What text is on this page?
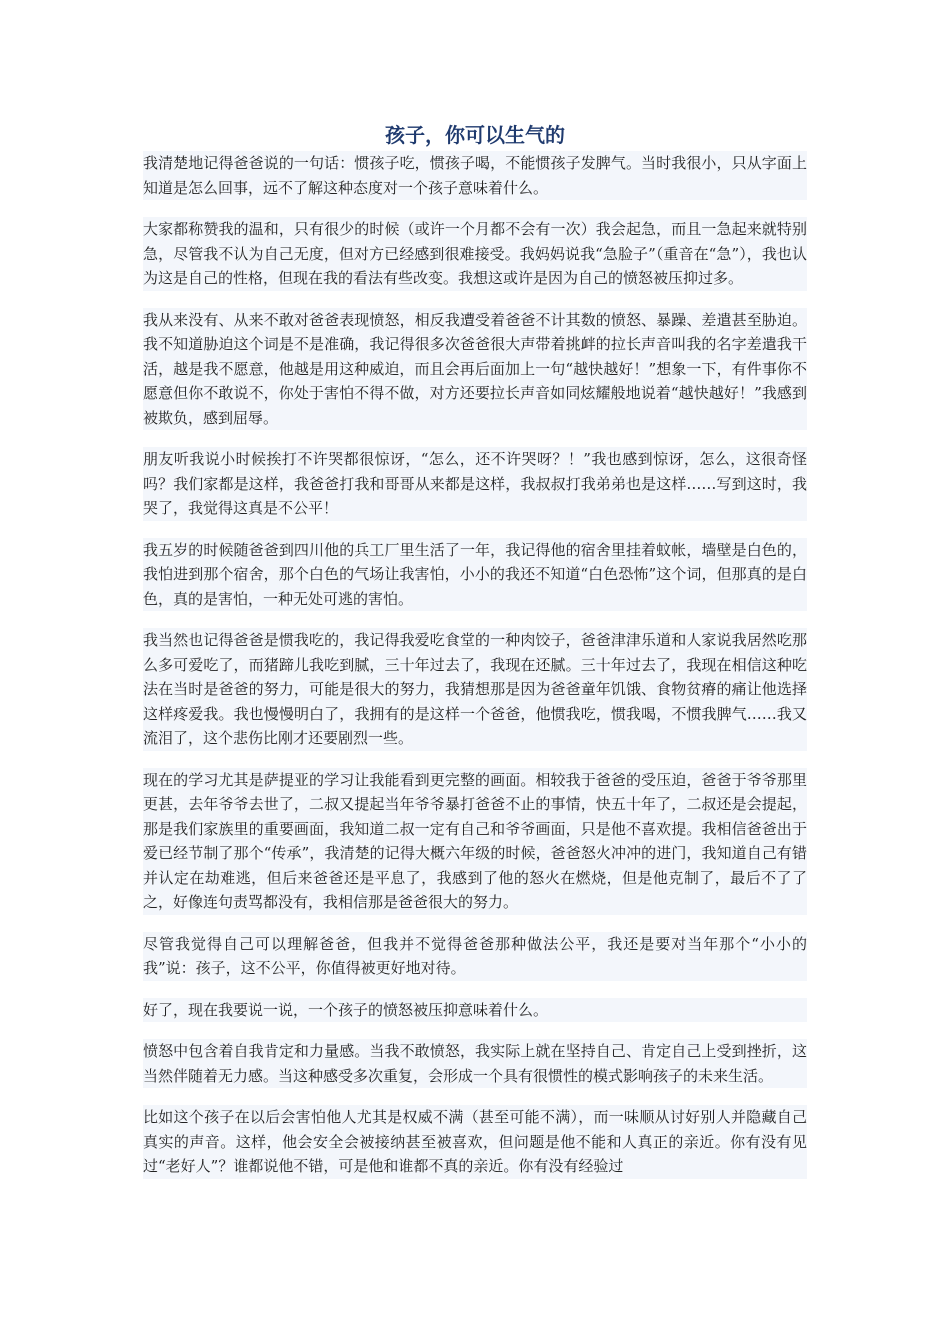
孩子，你可以生气的

我清楚地记得爸爸说的一句话：惯孩子吃，惯孩子喝，不能惯孩子发脾气。当时我很小，只从字面上知道是怎么回事，远不了解这种态度对一个孩子意味着什么。

大家都称赞我的温和，只有很少的时候（或许一个月都不会有一次）我会起急，而且一急起来就特别急，尽管我不认为自己无度，但对方已经感到很难接受。我妈妈说我“急脸子”（重音在“急”），我也认为这是自己的性格，但现在我的看法有些改变。我想这或许是因为自己的愤怒被压抑过多。

我从来没有、从来不敢对爸爸表现愤怒，相反我遭受着爸爸不计其数的愤怒、暴躁、差遣甚至胁迫。我不知道胁迫这个词是不是准确，我记得很多次爸爸很大声带着挑衅的拉长声音叫我的名字差遣我干活，越是我不愿意，他越是用这种威迫，而且会再后面加上一句“越快越好！”想象一下，有件事你不愿意但你不敢说不，你处于害怕不得不做，对方还要拉长声音如同炫耀般地说着“越快越好！”我感到被欺负，感到屈辱。

朋友听我说小时候挨打不许哭都很惊讶，“怎么，还不许哭呀？！”我也感到惊讶，怎么，这很奇怪吗？我们家都是这样，我爸爸打我和哥哥从来都是这样，我叔叔打我弟弟也是这样……写到这时，我哭了，我觉得这真是不公平！

我五岁的时候随爸爸到四川他的兵工厂里生活了一年，我记得他的宿舍里挂着蚊帐，墙壁是白色的，我怕进到那个宿舍，那个白色的气场让我害怕，小小的我还不知道“白色恐怖”这个词，但那真的是白色，真的是害怕，一种无处可逃的害怕。

我当然也记得爸爸是惯我吃的，我记得我爱吃食堂的一种肉饺子，爸爸津津乐道和人家说我居然吃那么多可爱吃了，而猪蹄儿我吃到腻，三十年过去了，我现在还腻。三十年过去了，我现在相信这种吃法在当时是爸爸的努力，可能是很大的努力，我猜想那是因为爸爸童年饥饿、食物贫瘠的痛让他选择这样疼爱我。我也慢慢明白了，我拥有的是这样一个爸爸，他惯我吃，惯我喝，不惯我脾气……我又流泪了，这个悲伤比刚才还要剧烈一些。

现在的学习尤其是萨提亚的学习让我能看到更完整的画面。相较我于爸爸的受压迫，爸爸于爷爷那里更甚，去年爷爷去世了，二叔又提起当年爷爷暴打爸爸不止的事情，快五十年了，二叔还是会提起，那是我们家族里的重要画面，我知道二叔一定有自己和爷爷画面，只是他不喜欢提。我相信爸爸出于爱已经节制了那个“传承”，我清楚的记得大概六年级的时候，爸爸怒火冲冲的进门，我知道自己有错并认定在劫难逃，但后来爸爸还是平息了，我感到了他的怒火在燃烧，但是他克制了，最后不了了之，好像连句责骂都没有，我相信那是爸爸很大的努力。

尽管我觉得自己可以理解爸爸，但我并不觉得爸爸那种做法公平，我还是要对当年那个“小小的我”说：孩子，这不公平，你值得被更好地对待。

好了，现在我要说一说，一个孩子的愤怒被压抑意味着什么。

愤怒中包含着自我肯定和力量感。当我不敢愤怒，我实际上就在坚持自己、肯定自己上受到挫折，这当然伴随着无力感。当这种感受多次重复，会形成一个具有很惯性的模式影响孩子的未来生活。

比如这个孩子在以后会害怕他人尤其是权威不满（甚至可能不满），而一味顺从讨好别人并隐藏自己真实的声音。这样，他会安全会被接纳甚至被喜欢，但问题是他不能和人真正的亲近。你有没有见过“老好人”？谁都说他不错，可是他和谁都不真的亲近。你有没有经验过
